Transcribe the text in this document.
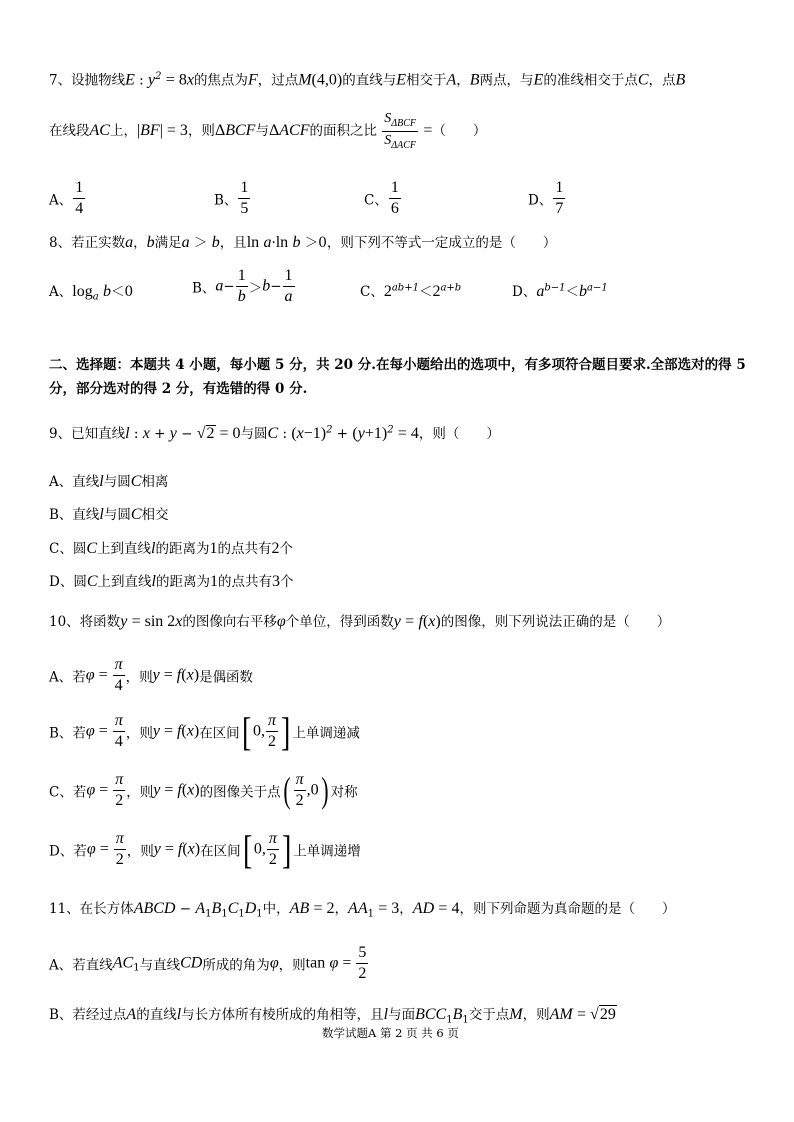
7、设抛物线E : $y^2 = 8x$的焦点为F，过点M(4,0)的直线与E相交于A，B两点，与E的准线相交于点C，点B
在线段AC上，|BF| = 3，则ΔBCF与ΔACF的面积之比 $\frac{S_{\Delta BCF}}{S_{\Delta ACF}}$ =（　　）
A、 $\frac{1}{4}$	B、 $\frac{1}{5}$	C、 $\frac{1}{6}$	D、 $\frac{1}{7}$
8、若正实数a，b满足a ＞ b，且ln a·ln b ＞0，则下列不等式一定成立的是（　　）
A、$\log_a b<0$	B、$a- \frac{1}{b} >b- \frac{1}{a}$	C、$2^{ab+1}<2^{a+b}$	D、$a^{b-1}<b^{a-1}$
二、选择题：本题共 4 小题，每小题 5 分，共 20 分.在每小题给出的选项中，有多项符合题目要求.全部选对的得 5
分，部分选对的得 2 分，有选错的得 0 分.
9、已知直线l : x + y − √2 = 0与圆C : $(x-1)^2 + (y+1)^2 = 4$，则（　　）
A、直线l与圆C相离
B、直线l与圆C相交
C、圆C上到直线l的距离为1的点共有2个
D、圆C上到直线l的距离为1的点共有3个
10、将函数y = sin 2x的图像向右平移φ个单位，得到函数y = f(x)的图像，则下列说法正确的是（　　）
A、若$\varphi = \frac{\pi}{4}$ ，则y = f(x)是偶函数
B、若$\varphi = \frac{\pi}{4}$ ，则y = f(x)在区间[ 0, $\frac{\pi}{2}$ ] 上单调递减
C、若$\varphi = \frac{\pi}{2}$ ，则y = f(x)的图像关于点( $\frac{\pi}{2} ,0$) 对称
D、若$\varphi = \frac{\pi}{2}$ ，则y = f(x)在区间[ 0, $\frac{\pi}{2}$ ] 上单调递增
11、在长方体ABCD − $A_1B_1C_1D_1$中，AB = 2，$AA_1 = 3$，AD = 4，则下列命题为真命题的是（　　）
A、若直线$AC_1$与直线CD所成的角为φ，则$\tan \varphi = \frac{5}{2}$
B、若经过点A的直线l与长方体所有棱所成的角相等，且l与面$BCC_1B_1$交于点M，则AM = √29
数学试题A 第 2 页 共 6 页
